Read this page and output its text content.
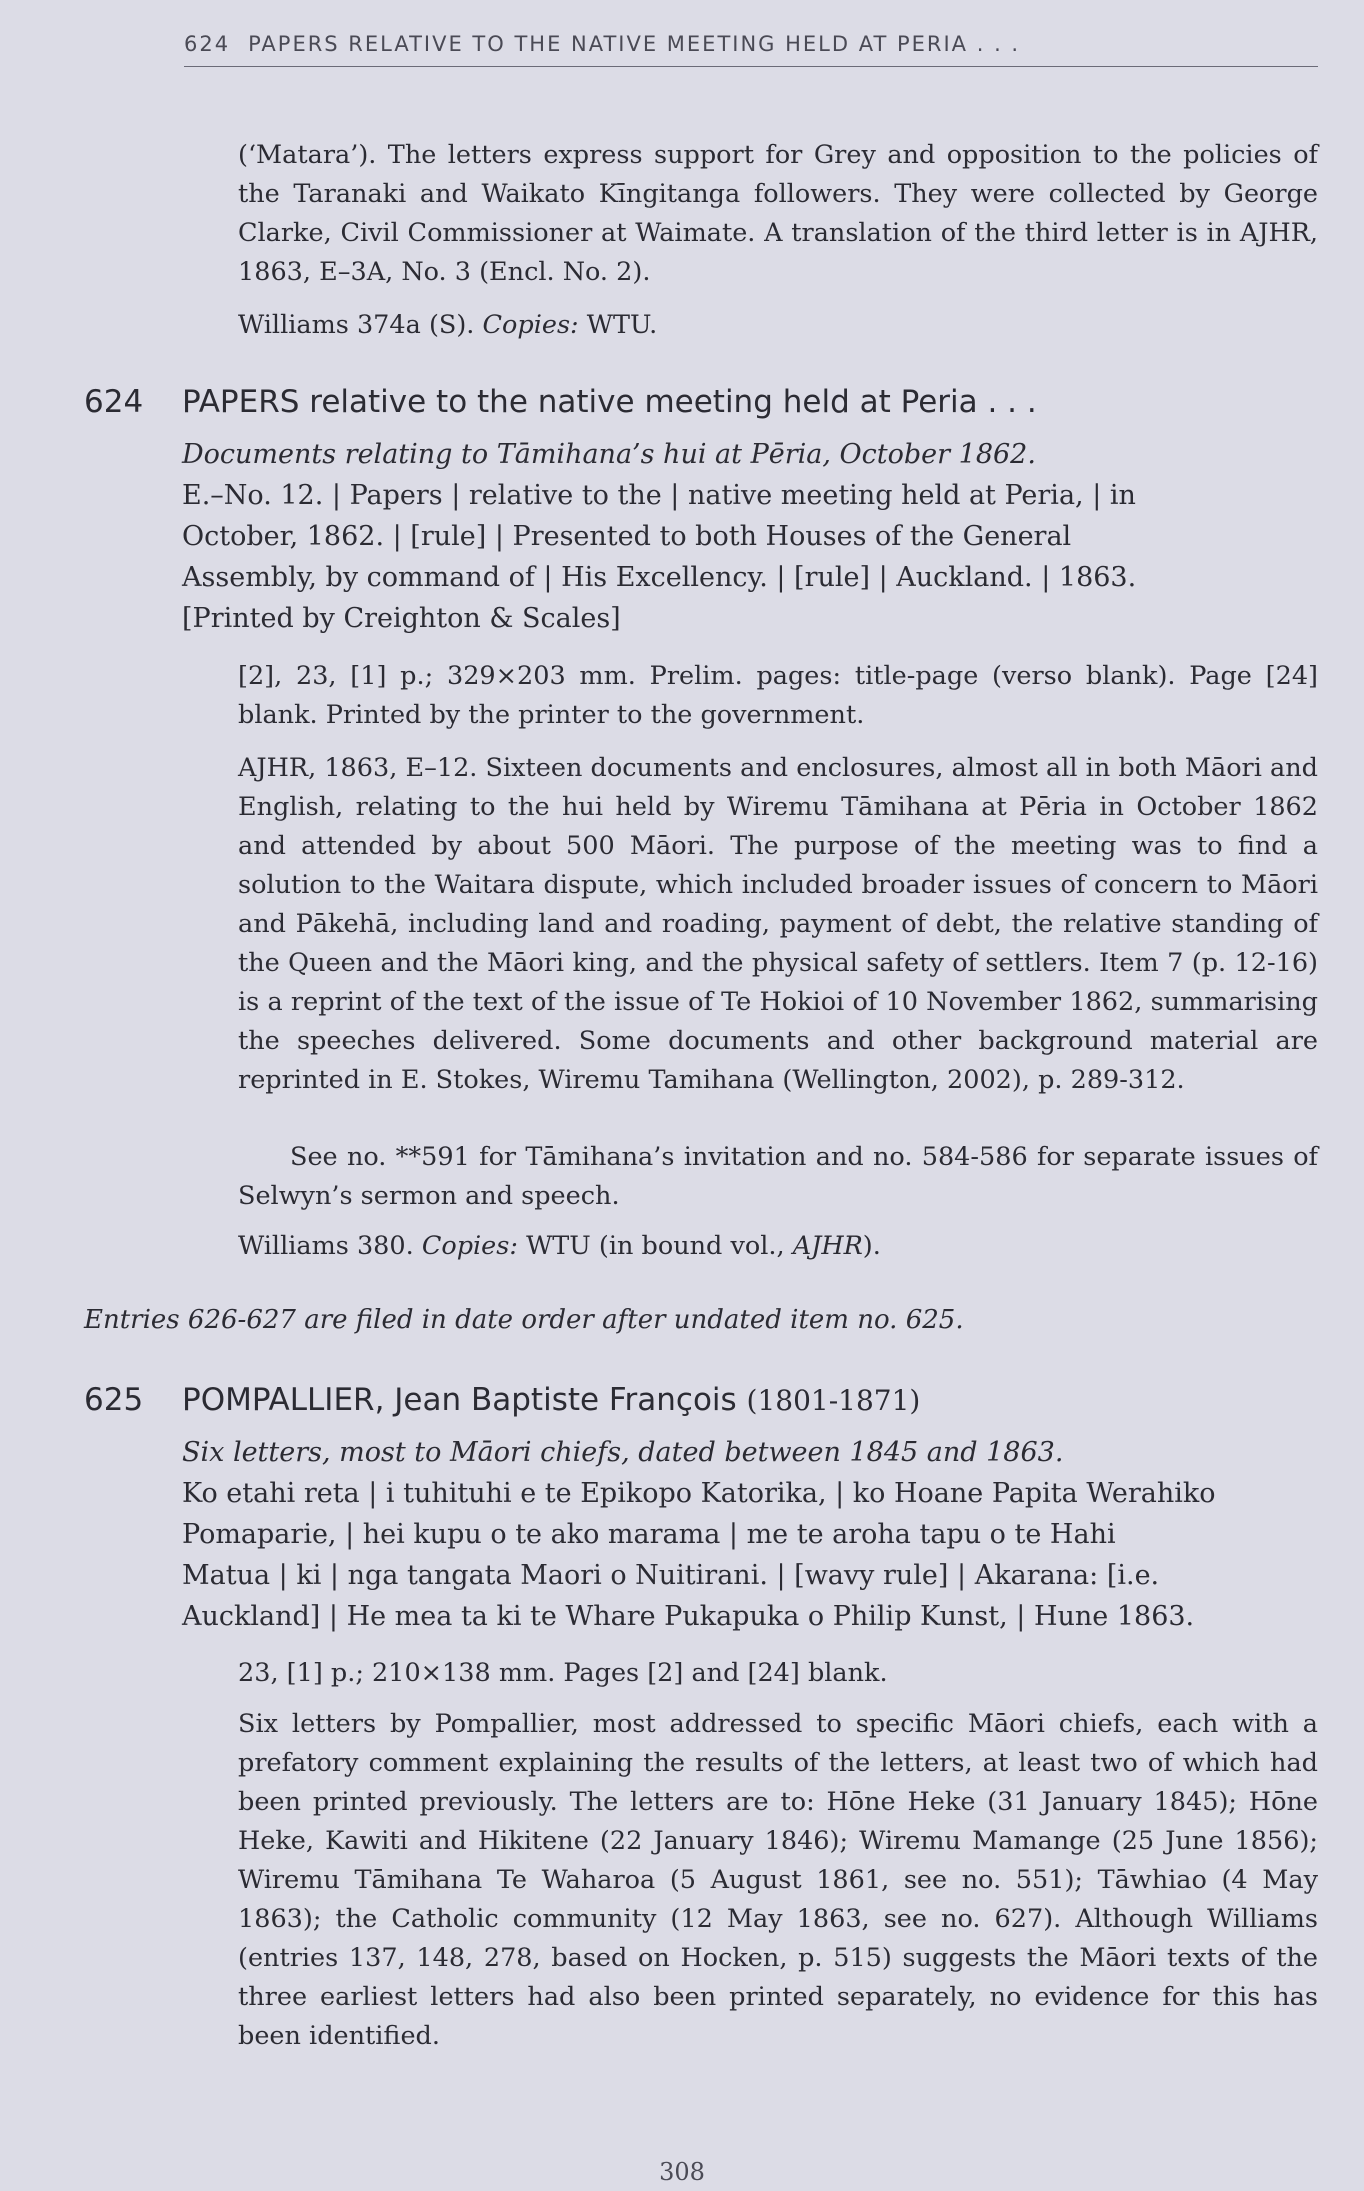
624 PAPERS RELATIVE TO THE NATIVE MEETING HELD AT PERIA . . .
(‘Matara’). The letters express support for Grey and opposition to the policies of the Taranaki and Waikato Kīngitanga followers. They were collected by George Clarke, Civil Commissioner at Waimate. A translation of the third letter is in AJHR, 1863, E–3A, No. 3 (Encl. No. 2).
Williams 374a (S). Copies: WTU.
624 PAPERS relative to the native meeting held at Peria . . .
Documents relating to Tāmihana’s hui at Pēria, October 1862.
E.–No. 12. | Papers | relative to the | native meeting held at Peria, | in
October, 1862. | [rule] | Presented to both Houses of the General
Assembly, by command of | His Excellency. | [rule] | Auckland. | 1863.
[Printed by Creighton & Scales]
[2], 23, [1] p.; 329×203 mm. Prelim. pages: title-page (verso blank). Page [24] blank. Printed by the printer to the government.
AJHR, 1863, E–12. Sixteen documents and enclosures, almost all in both Māori and English, relating to the hui held by Wiremu Tāmihana at Pēria in October 1862 and attended by about 500 Māori. The purpose of the meeting was to find a solution to the Waitara dispute, which included broader issues of concern to Māori and Pākehā, including land and roading, payment of debt, the relative standing of the Queen and the Māori king, and the physical safety of settlers. Item 7 (p. 12-16) is a reprint of the text of the issue of Te Hokioi of 10 November 1862, summarising the speeches delivered. Some documents and other background material are reprinted in E. Stokes, Wiremu Tamihana (Wellington, 2002), p. 289-312.
See no. **591 for Tāmihana’s invitation and no. 584-586 for separate issues of Selwyn’s sermon and speech.
Williams 380. Copies: WTU (in bound vol., AJHR).
Entries 626-627 are filed in date order after undated item no. 625.
625 POMPALLIER, Jean Baptiste François (1801-1871)
Six letters, most to Māori chiefs, dated between 1845 and 1863.
Ko etahi reta | i tuhituhi e te Epikopo Katorika, | ko Hoane Papita Werahiko
Pomaparie, | hei kupu o te ako marama | me te aroha tapu o te Hahi
Matua | ki | nga tangata Maori o Nuitirani. | [wavy rule] | Akarana: [i.e.
Auckland] | He mea ta ki te Whare Pukapuka o Philip Kunst, | Hune 1863.
23, [1] p.; 210×138 mm. Pages [2] and [24] blank.
Six letters by Pompallier, most addressed to specific Māori chiefs, each with a prefatory comment explaining the results of the letters, at least two of which had been printed previously. The letters are to: Hōne Heke (31 January 1845); Hōne Heke, Kawiti and Hikitene (22 January 1846); Wiremu Mamange (25 June 1856); Wiremu Tāmihana Te Waharoa (5 August 1861, see no. 551); Tāwhiao (4 May 1863); the Catholic community (12 May 1863, see no. 627). Although Williams (entries 137, 148, 278, based on Hocken, p. 515) suggests the Māori texts of the three earliest letters had also been printed separately, no evidence for this has been identified.
308
